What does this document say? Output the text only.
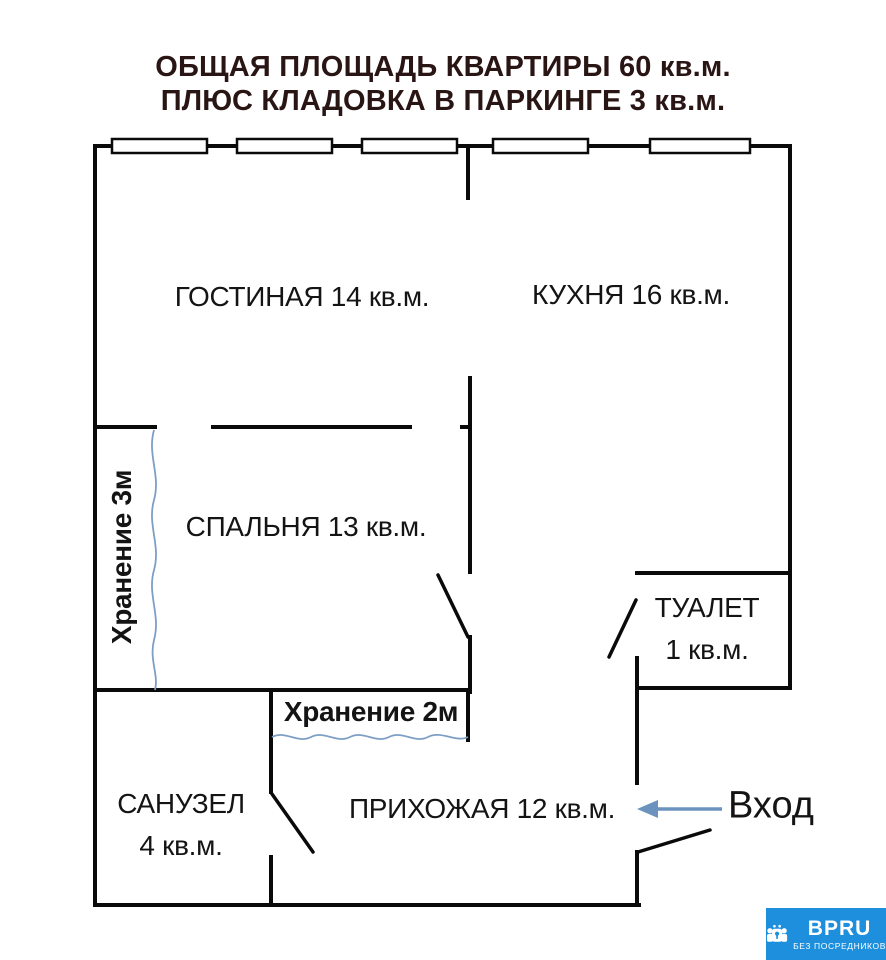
ОБЩАЯ ПЛОЩАДЬ КВАРТИРЫ 60 кв.м.
ПЛЮС КЛАДОВКА В ПАРКИНГЕ 3 кв.м.
ГОСТИНАЯ 14 кв.м.	КУХНЯ 16 кв.м.
СПАЛЬНЯ 13 кв.м.
Хранение 3м	ТУАЛЕТ
1 кв.м.
Хранение 2м
САНУЗЕЛ
4 кв.м.
ПРИХОЖАЯ 12 кв.м.	Вход
BPRU
БЕЗ ПОСРЕДНИКОВ
